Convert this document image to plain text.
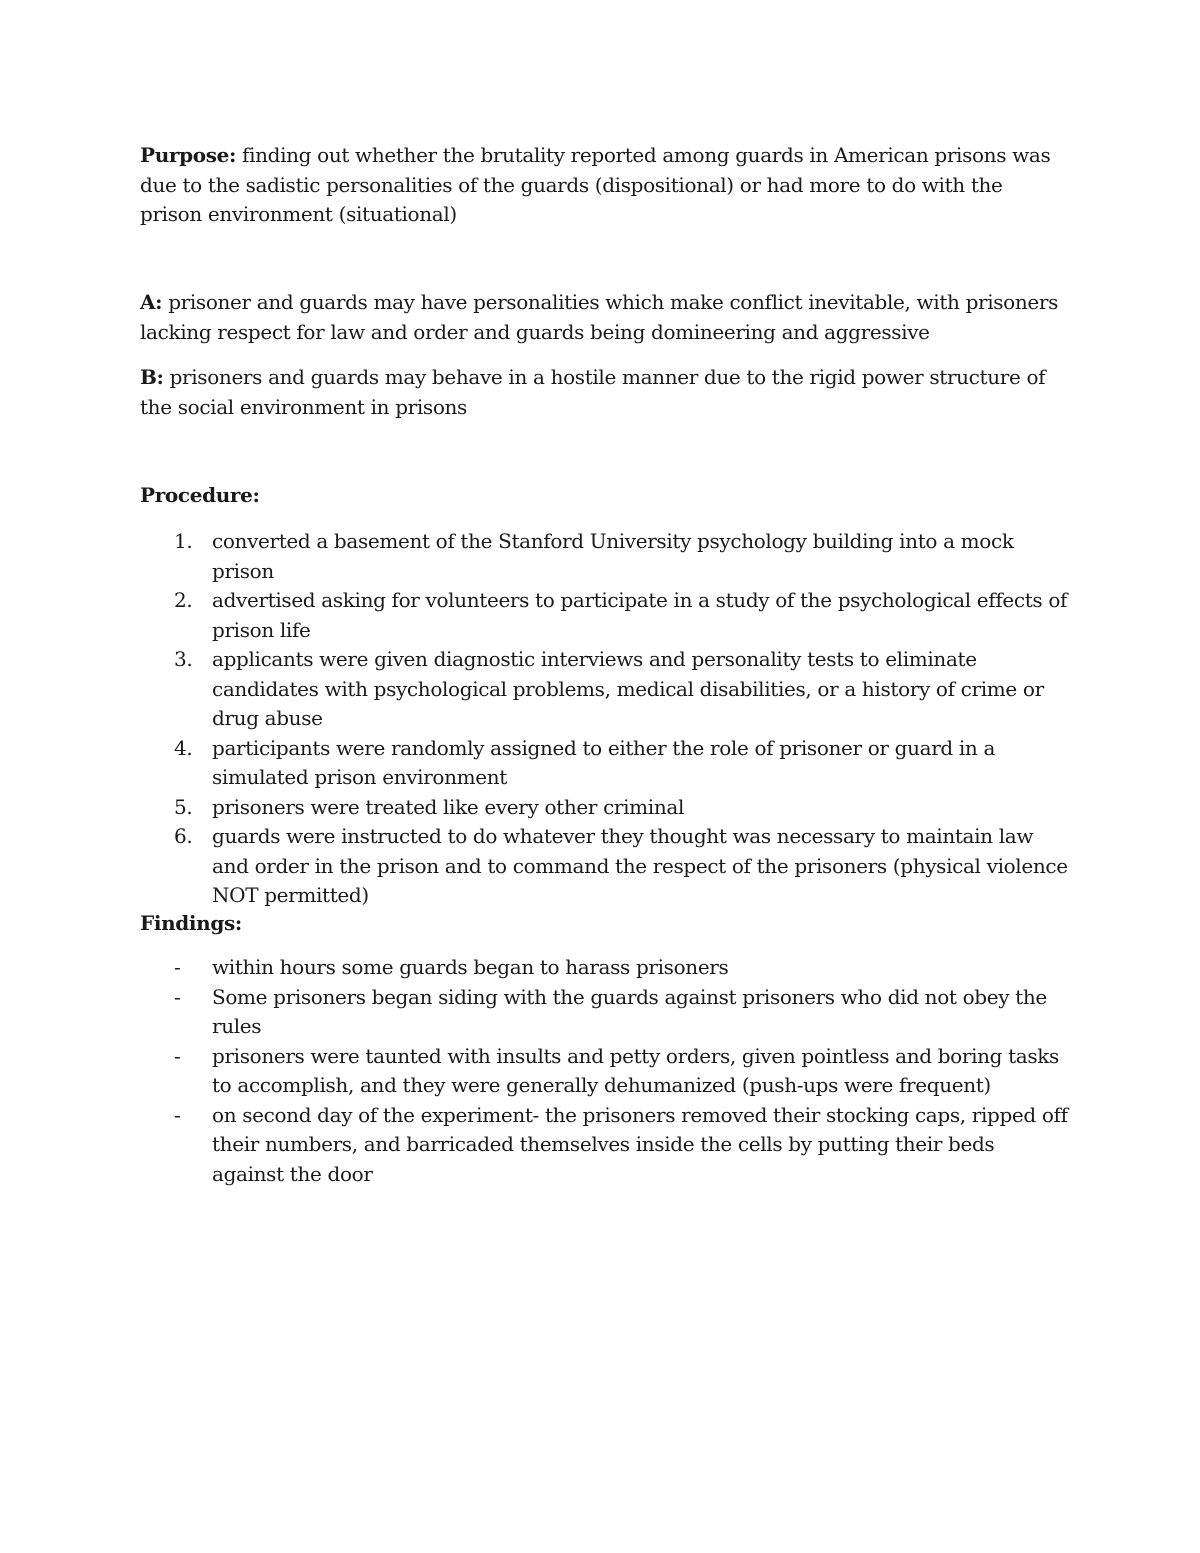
Purpose: finding out whether the brutality reported among guards in American prisons was due to the sadistic personalities of the guards (dispositional) or had more to do with the prison environment (situational)

A: prisoner and guards may have personalities which make conflict inevitable, with prisoners lacking respect for law and order and guards being domineering and aggressive

B: prisoners and guards may behave in a hostile manner due to the rigid power structure of the social environment in prisons

Procedure:

1. converted a basement of the Stanford University psychology building into a mock prison
2. advertised asking for volunteers to participate in a study of the psychological effects of prison life
3. applicants were given diagnostic interviews and personality tests to eliminate candidates with psychological problems, medical disabilities, or a history of crime or drug abuse
4. participants were randomly assigned to either the role of prisoner or guard in a simulated prison environment
5. prisoners were treated like every other criminal
6. guards were instructed to do whatever they thought was necessary to maintain law and order in the prison and to command the respect of the prisoners (physical violence NOT permitted)

Findings:

- within hours some guards began to harass prisoners
- Some prisoners began siding with the guards against prisoners who did not obey the rules
- prisoners were taunted with insults and petty orders, given pointless and boring tasks to accomplish, and they were generally dehumanized (push-ups were frequent)
- on second day of the experiment- the prisoners removed their stocking caps, ripped off their numbers, and barricaded themselves inside the cells by putting their beds against the door
